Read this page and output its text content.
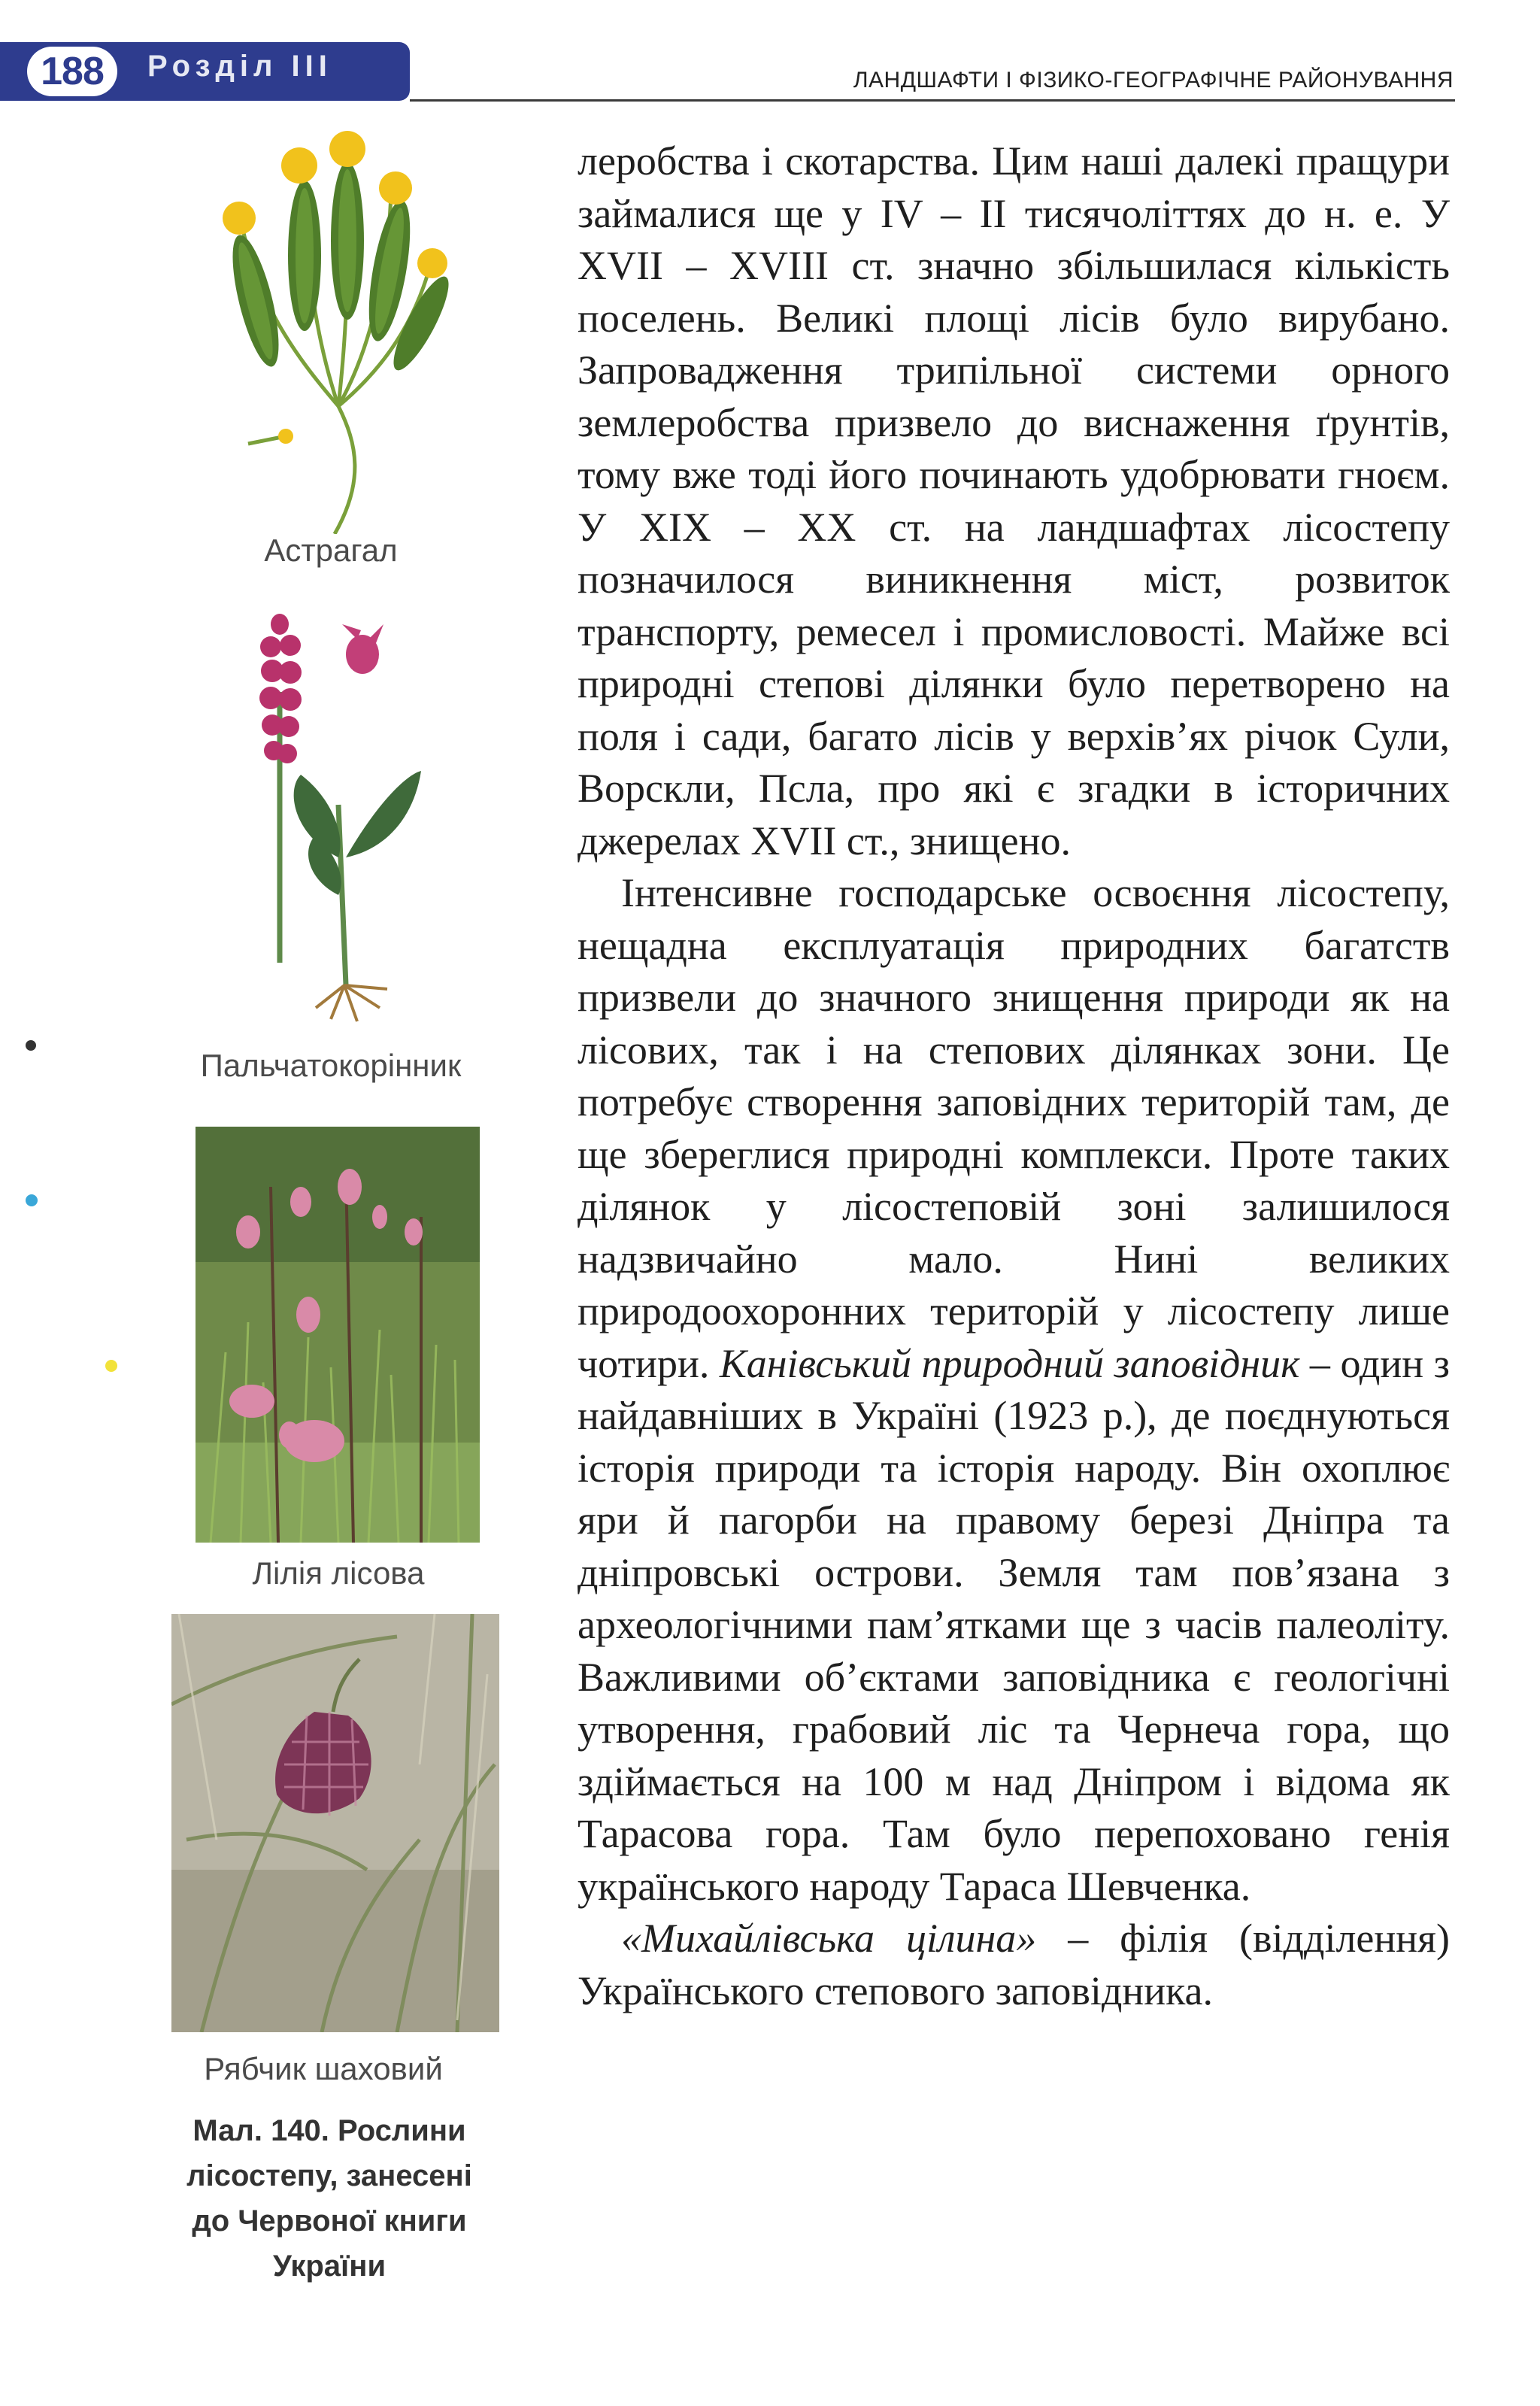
188 Розділ III	ЛАНДШАФТИ І ФІЗИКО-ГЕОГРАФІЧНЕ РАЙОНУВАННЯ
Астрагал
Пальчатокорінник
Лілія лісова
Рябчик шаховий
Мал. 140. Рослини
лісостепу, занесені
до Червоної книги
України

леробства і скотарства. Цим наші далекі пращури займалися ще у IV – II тисячоліттях до н. е. У XVII – XVIII ст. значно збільшилася кількість поселень. Великі площі лісів було вирубано. Запровадження трипільної системи орного землеробства призвело до виснаження ґрунтів, тому вже тоді його починають удобрювати гноєм. У XIX – XX ст. на ландшафтах лісостепу позначилося виникнення міст, розвиток транспорту, ремесел і промисловості. Майже всі природні степові ділянки було перетворено на поля і сади, багато лісів у верхів’ях річок Сули, Ворскли, Псла, про які є згадки в історичних джерелах XVII ст., знищено.

Інтенсивне господарське освоєння лісостепу, нещадна експлуатація природних багатств призвели до значного знищення природи як на лісових, так і на степових ділянках зони. Це потребує створення заповідних територій там, де ще збереглися природні комплекси. Проте таких ділянок у лісостеповій зоні залишилося надзвичайно мало. Нині великих природоохоронних територій у лісостепу лише чотири. Канівський природний заповідник – один з найдавніших в Україні (1923 р.), де поєднуються історія природи та історія народу. Він охоплює яри й пагорби на правому березі Дніпра та дніпровські острови. Земля там пов’язана з археологічними пам’ятками ще з часів палеоліту. Важливими об’єктами заповідника є геологічні утворення, грабовий ліс та Чернеча гора, що здіймається на 100 м над Дніпром і відома як Тарасова гора. Там було перепоховано генія українського народу Тараса Шевченка.

«Михайлівська цілина» – філія (відділення) Українського степового заповідника.
